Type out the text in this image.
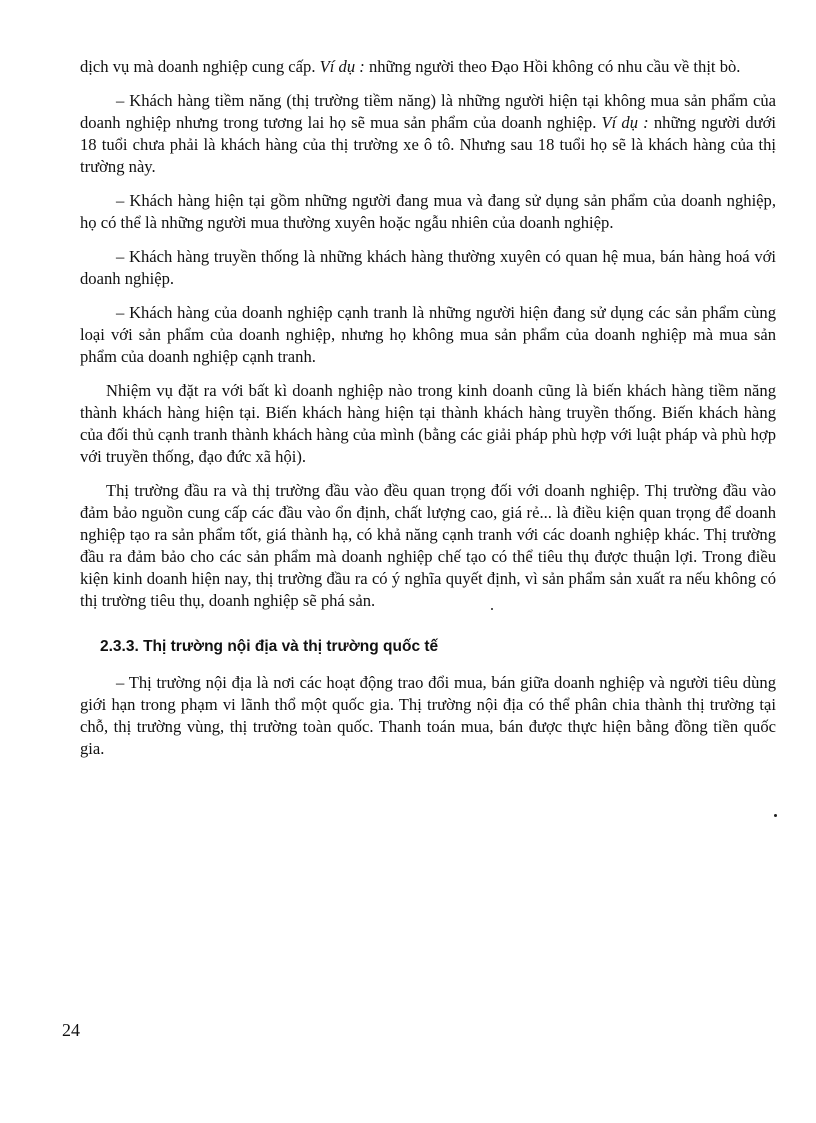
dịch vụ mà doanh nghiệp cung cấp. Ví dụ : những người theo Đạo Hồi không có nhu cầu về thịt bò.

– Khách hàng tiềm năng (thị trường tiềm năng) là những người hiện tại không mua sản phẩm của doanh nghiệp nhưng trong tương lai họ sẽ mua sản phẩm của doanh nghiệp. Ví dụ : những người dưới 18 tuổi chưa phải là khách hàng của thị trường xe ô tô. Nhưng sau 18 tuổi họ sẽ là khách hàng của thị trường này.

– Khách hàng hiện tại gồm những người đang mua và đang sử dụng sản phẩm của doanh nghiệp, họ có thể là những người mua thường xuyên hoặc ngẫu nhiên của doanh nghiệp.

– Khách hàng truyền thống là những khách hàng thường xuyên có quan hệ mua, bán hàng hoá với doanh nghiệp.

– Khách hàng của doanh nghiệp cạnh tranh là những người hiện đang sử dụng các sản phẩm cùng loại với sản phẩm của doanh nghiệp, nhưng họ không mua sản phẩm của doanh nghiệp mà mua sản phẩm của doanh nghiệp cạnh tranh.

Nhiệm vụ đặt ra với bất kì doanh nghiệp nào trong kinh doanh cũng là biến khách hàng tiềm năng thành khách hàng hiện tại. Biến khách hàng hiện tại thành khách hàng truyền thống. Biến khách hàng của đối thủ cạnh tranh thành khách hàng của mình (bằng các giải pháp phù hợp với luật pháp và phù hợp với truyền thống, đạo đức xã hội).

Thị trường đầu ra và thị trường đầu vào đều quan trọng đối với doanh nghiệp. Thị trường đầu vào đảm bảo nguồn cung cấp các đầu vào ổn định, chất lượng cao, giá rẻ... là điều kiện quan trọng để doanh nghiệp tạo ra sản phẩm tốt, giá thành hạ, có khả năng cạnh tranh với các doanh nghiệp khác. Thị trường đầu ra đảm bảo cho các sản phẩm mà doanh nghiệp chế tạo có thể tiêu thụ được thuận lợi. Trong điều kiện kinh doanh hiện nay, thị trường đầu ra có ý nghĩa quyết định, vì sản phẩm sản xuất ra nếu không có thị trường tiêu thụ, doanh nghiệp sẽ phá sản.

2.3.3. Thị trường nội địa và thị trường quốc tế

– Thị trường nội địa là nơi các hoạt động trao đổi mua, bán giữa doanh nghiệp và người tiêu dùng giới hạn trong phạm vi lãnh thổ một quốc gia. Thị trường nội địa có thể phân chia thành thị trường tại chỗ, thị trường vùng, thị trường toàn quốc. Thanh toán mua, bán được thực hiện bằng đồng tiền quốc gia.

24
